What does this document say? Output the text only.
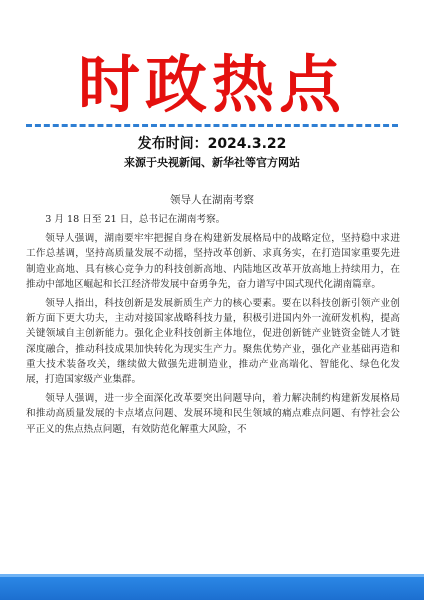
时政热点
发布时间：2024.3.22
来源于央视新闻、新华社等官方网站
领导人在湖南考察

3 月 18 日至 21 日，总书记在湖南考察。

领导人强调，湖南要牢牢把握自身在构建新发展格局中的战略定位，坚持稳中求进工作总基调，坚持高质量发展不动摇，坚持改革创新、求真务实，在打造国家重要先进制造业高地、具有核心竞争力的科技创新高地、内陆地区改革开放高地上持续用力，在推动中部地区崛起和长江经济带发展中奋勇争先，奋力谱写中国式现代化湖南篇章。

领导人指出，科技创新是发展新质生产力的核心要素。要在以科技创新引领产业创新方面下更大功夫，主动对接国家战略科技力量，积极引进国内外一流研发机构，提高关键领域自主创新能力。强化企业科技创新主体地位，促进创新链产业链资金链人才链深度融合，推动科技成果加快转化为现实生产力。聚焦优势产业，强化产业基础再造和重大技术装备攻关，继续做大做强先进制造业，推动产业高端化、智能化、绿色化发展，打造国家级产业集群。

领导人强调，进一步全面深化改革要突出问题导向，着力解决制约构建新发展格局和推动高质量发展的卡点堵点问题、发展环境和民生领域的痛点难点问题、有悖社会公平正义的焦点热点问题，有效防范化解重大风险，不
